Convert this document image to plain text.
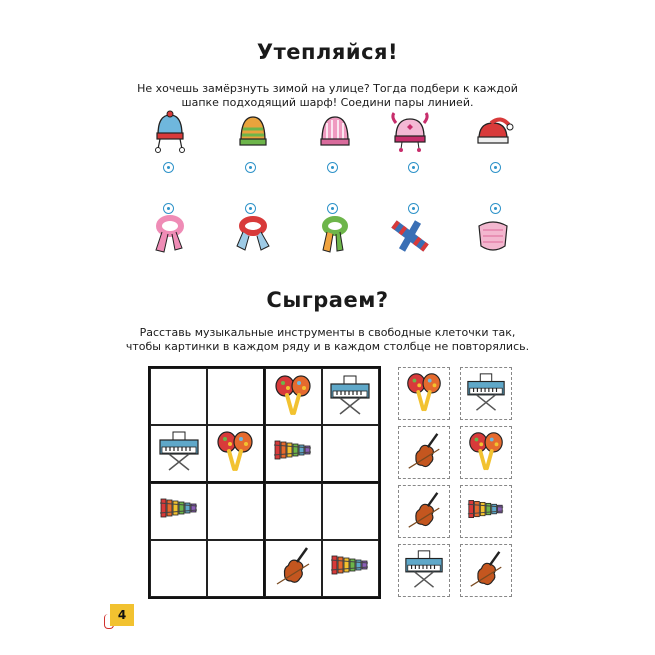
Утепляйся!
Не хочешь замёрзнуть зимой на улице? Тогда подбери к каждой
шапке подходящий шарф! Соедини пары линией.
Сыграем?
Расставь музыкальные инструменты в свободные клеточки так,
чтобы картинки в каждом ряду и в каждом столбце не повторялись.
4
